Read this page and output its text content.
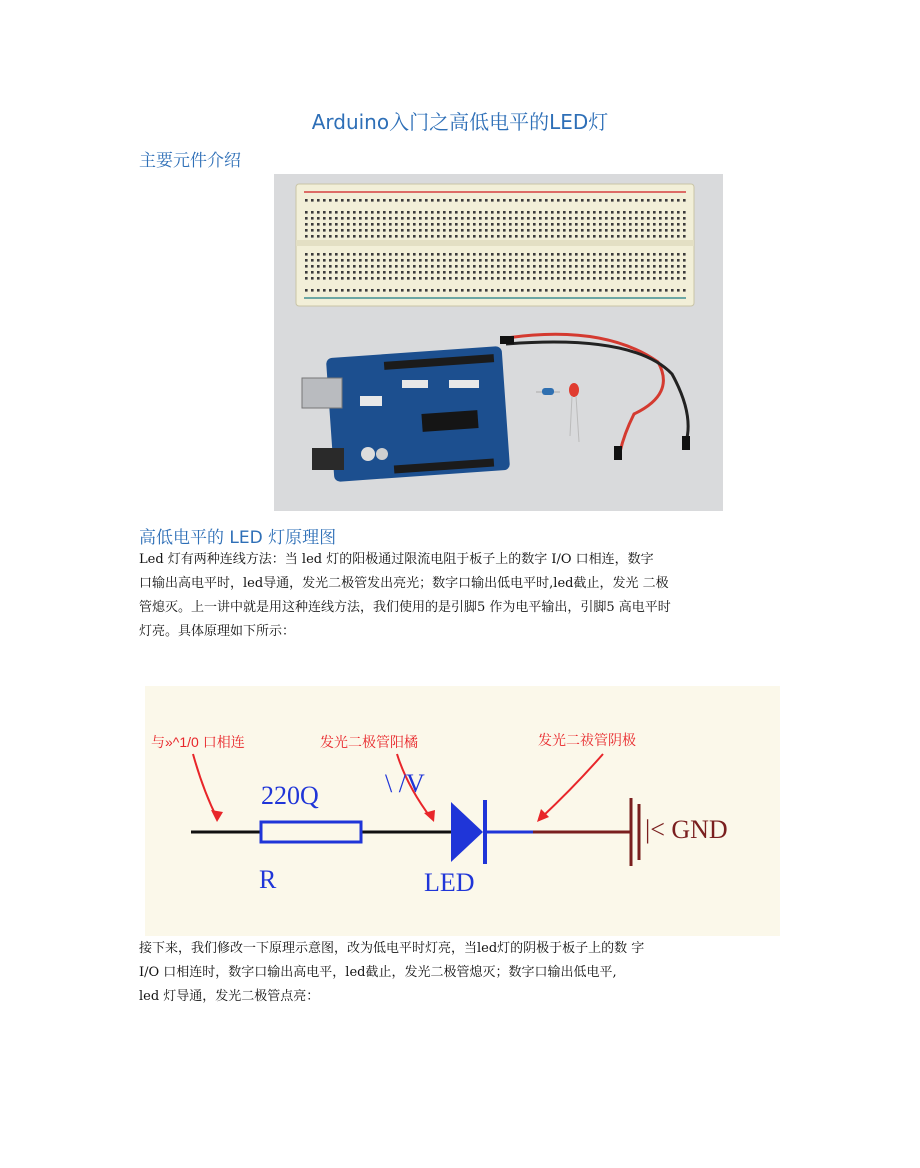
Arduino入门之高低电平的LED灯
主要元件介绍
高低电平的 LED 灯原理图
Led 灯有两种连线方法：当 led 灯的阳极通过限流电阻于板子上的数字 I/O 口相连，数字
口输出高电平时，led导通，发光二极管发出亮光；数字口输出低电平时,led截止，发光 二极
管熄灭。上一讲中就是用这种连线方法，我们使用的是引脚5 作为电平输出，引脚5 高电平时
灯亮。具体原理如下所示：
与»^1/0 口相连	发光二极管阳橘	发光二祓管阴极
220Q
R
\ /V
LED
|< GND
接下来，我们修改一下原理示意图，改为低电平时灯亮，当led灯的阴极于板子上的数 字
I/O 口相连时，数字口输出高电平，led截止，发光二极管熄灭；数字口输出低电平,
led 灯导通，发光二极管点亮：
